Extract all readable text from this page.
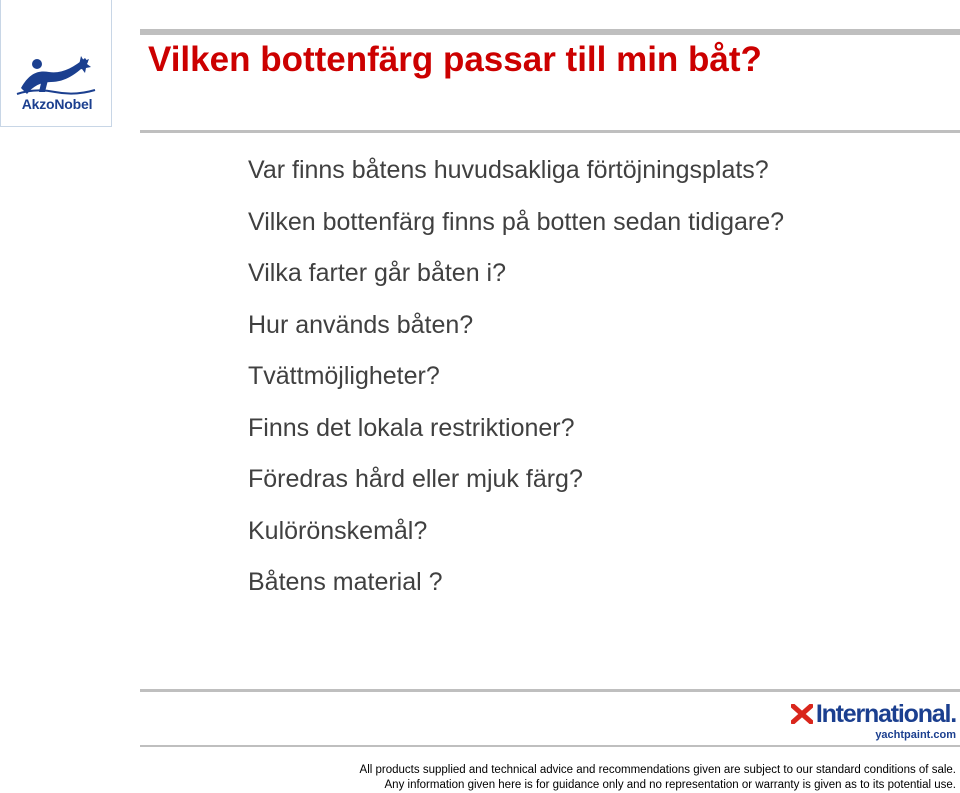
AkzoNobel
Vilken bottenfärg passar till min båt?
Var finns båtens huvudsakliga förtöjningsplats?
Vilken bottenfärg finns på botten sedan tidigare?
Vilka farter går båten i?
Hur används båten?
Tvättmöjligheter?
Finns det lokala restriktioner?
Föredras hård eller mjuk färg?
Kulörönskemål?
Båtens material ?
International.
yachtpaint.com
All products supplied and technical advice and recommendations given are subject to our standard conditions of sale.
Any information given here is for guidance only and no representation or warranty is given as to its potential use.
